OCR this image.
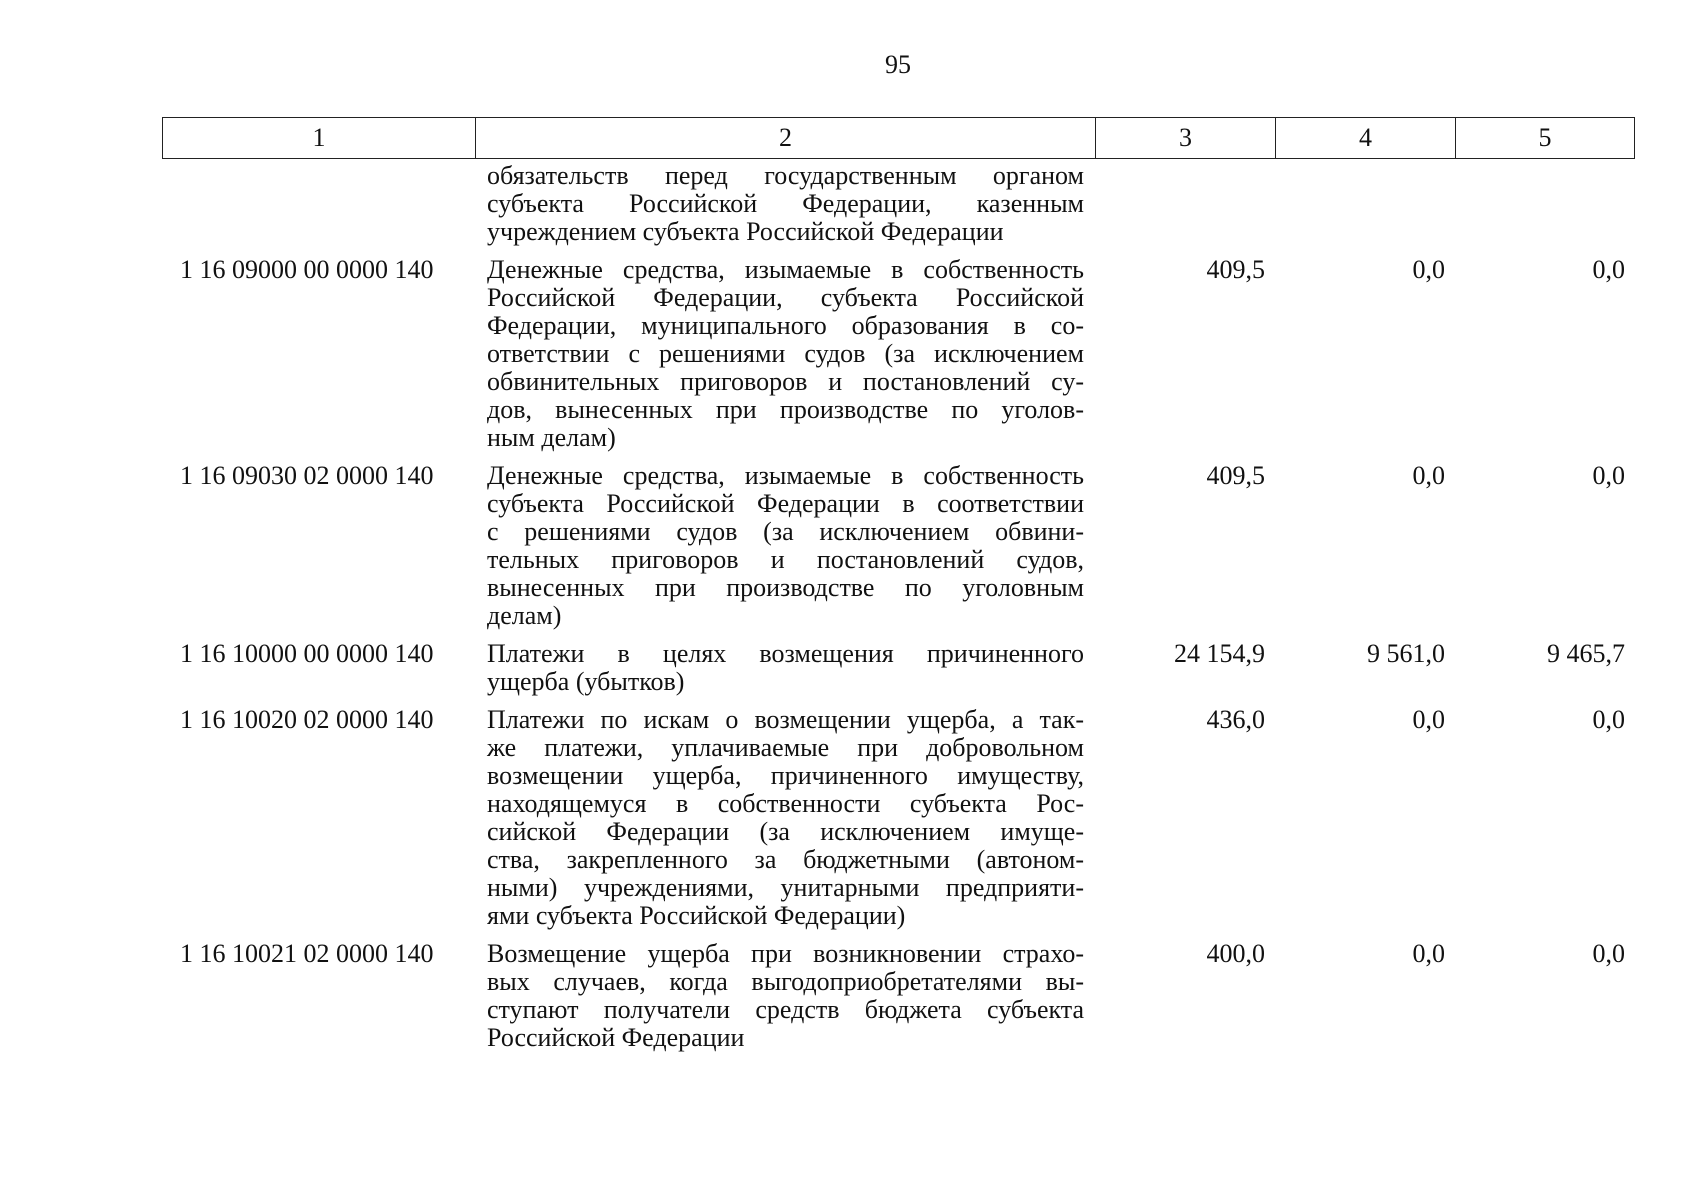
95
1	2	3	4	5
обязательств перед государственным органом
субъекта Российской Федерации, казенным
учреждением субъекта Российской Федерации
1 16 09000 00 0000 140	Денежные средства, изымаемые в собственность
Российской Федерации, субъекта Российской
Федерации, муниципального образования в со-
ответствии с решениями судов (за исключением
обвинительных приговоров и постановлений су-
дов, вынесенных при производстве по уголов-
ным делам)
409,5	0,0	0,0
1 16 09030 02 0000 140	Денежные средства, изымаемые в собственность
субъекта Российской Федерации в соответствии
с решениями судов (за исключением обвини-
тельных приговоров и постановлений судов,
вынесенных при производстве по уголовным
делам)
409,5	0,0	0,0
1 16 10000 00 0000 140	Платежи в целях возмещения причиненного
ущерба (убытков)
24 154,9	9 561,0	9 465,7
1 16 10020 02 0000 140	Платежи по искам о возмещении ущерба, а так-
же платежи, уплачиваемые при добровольном
возмещении ущерба, причиненного имуществу,
находящемуся в собственности субъекта Рос-
сийской Федерации (за исключением имуще-
ства, закрепленного за бюджетными (автоном-
ными) учреждениями, унитарными предприяти-
ями субъекта Российской Федерации)
436,0	0,0	0,0
1 16 10021 02 0000 140	Возмещение ущерба при возникновении страхо-
вых случаев, когда выгодоприобретателями вы-
ступают получатели средств бюджета субъекта
Российской Федерации
400,0	0,0	0,0
